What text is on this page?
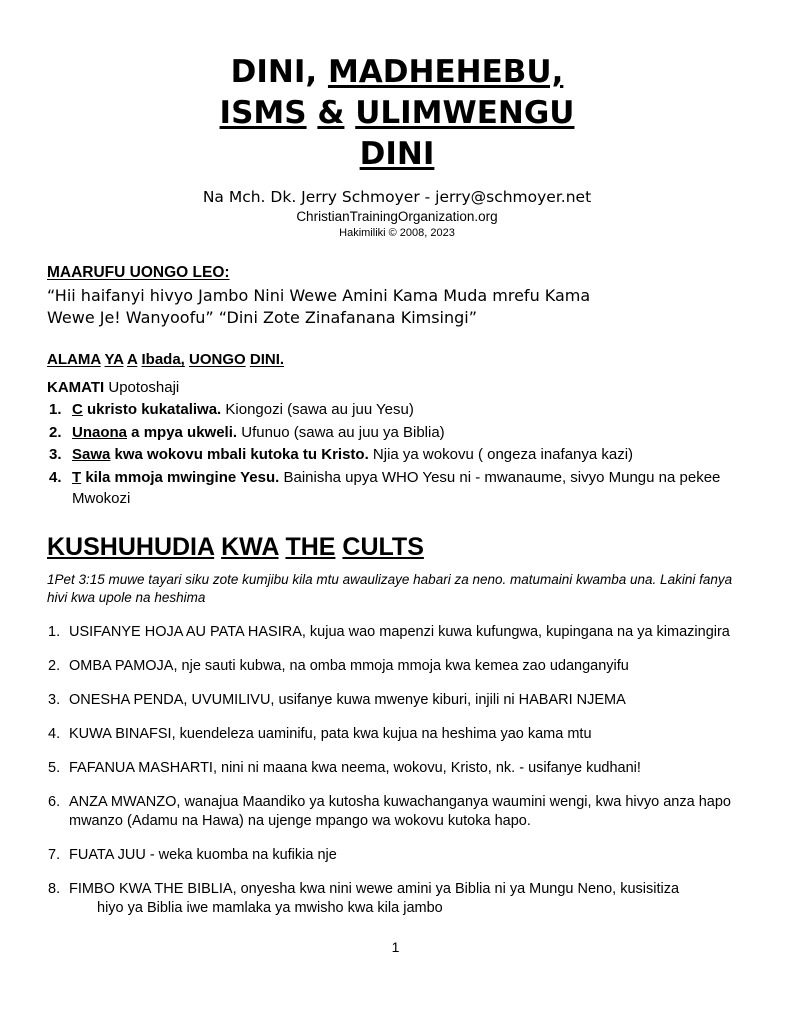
DINI, MADHEHEBU,
ISMS & ULIMWENGU
DINI
Na Mch. Dk. Jerry Schmoyer - jerry@schmoyer.net
ChristianTrainingOrganization.org
Hakimiliki © 2008, 2023
MAARUFU UONGO LEO:
“Hii haifanyi hivyo Jambo Nini Wewe Amini Kama Muda mrefu Kama
Wewe Je! Wanyoofu” “Dini Zote Zinafanana Kimsingi”
ALAMA YA A Ibada, UONGO DINI.
KAMATI Upotoshaji
1. C ukristo kukataliwa. Kiongozi (sawa au juu Yesu)
2. Unaona a mpya ukweli. Ufunuo (sawa au juu ya Biblia)
3. Sawa kwa wokovu mbali kutoka tu Kristo. Njia ya wokovu ( ongeza inafanya kazi)
4. T kila mmoja mwingine Yesu. Bainisha upya WHO Yesu ni - mwanaume, sivyo Mungu na pekee Mwokozi
KUSHUHUDIA KWA THE CULTS
1Pet 3:15 muwe tayari siku zote kumjibu kila mtu awaulizaye habari za neno. matumaini kwamba una. Lakini fanya hivi kwa upole na heshima
1. USIFANYE HOJA AU PATA HASIRA, kujua wao mapenzi kuwa kufungwa, kupingana na ya kimazingira
2. OMBA PAMOJA, nje sauti kubwa, na omba mmoja mmoja kwa kemea zao udanganyifu
3. ONESHA PENDA, UVUMILIVU, usifanye kuwa mwenye kiburi, injili ni HABARI NJEMA
4. KUWA BINAFSI, kuendeleza uaminifu, pata kwa kujua na heshima yao kama mtu
5. FAFANUA MASHARTI, nini ni maana kwa neema, wokovu, Kristo, nk. - usifanye kudhani!
6. ANZA MWANZO, wanajua Maandiko ya kutosha kuwachanganya waumini wengi, kwa hivyo anza hapo mwanzo (Adamu na Hawa) na ujenge mpango wa wokovu kutoka hapo.
7. FUATA JUU - weka kuomba na kufikia nje
8. FIMBO KWA THE BIBLIA, onyesha kwa nini wewe amini ya Biblia ni ya Mungu Neno, kusisitiza
hiyo ya Biblia iwe mamlaka ya mwisho kwa kila jambo
1
